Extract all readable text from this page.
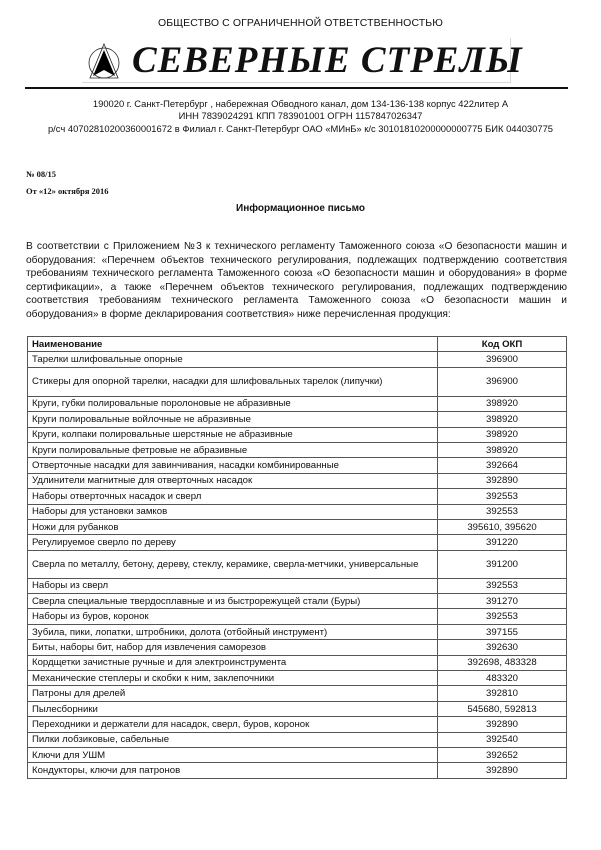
ОБЩЕСТВО С ОГРАНИЧЕННОЙ ОТВЕТСТВЕННОСТЬЮ
СЕВЕРНЫЕ СТРЕЛЫ
190020 г. Санкт-Петербург , набережная Обводного канал, дом 134-136-138 корпус 422литер А
ИНН 7839024291 КПП 783901001 ОГРН 1157847026347
р/сч 40702810200360001672 в Филиал г. Санкт-Петербург ОАО «МИнБ» к/с 30101810200000000775 БИК 044030775
№ 08/15
От «12» октября 2016
Информационное письмо
В соответствии с Приложением №3 к технического регламенту Таможенного союза «О безопасности машин и оборудования: «Перечнем объектов технического регулирования, подлежащих подтверждению соответствия требованиям технического регламента Таможенного союза «О безопасности машин и оборудования» в форме сертификации», а также «Перечнем объектов технического регулирования, подлежащих подтверждению соответствия требованиям технического регламента Таможенного союза «О безопасности машин и оборудования» в форме декларирования соответствия» ниже перечисленная продукция:
Наименование	Код ОКП
Тарелки шлифовальные опорные	396900
Стикеры для опорной тарелки, насадки для шлифовальных тарелок (липучки)	396900
Круги, губки полировальные поролоновые не абразивные	398920
Круги полировальные войлочные не абразивные	398920
Круги, колпаки полировальные шерстяные не абразивные	398920
Круги полировальные фетровые не абразивные	398920
Отверточные насадки для завинчивания, насадки комбинированные	392664
Удлинители магнитные для отверточных насадок	392890
Наборы отверточных насадок и сверл	392553
Наборы для установки замков	392553
Ножи для рубанков	395610, 395620
Регулируемое сверло по дереву	391220
Сверла по металлу, бетону, дереву, стеклу, керамике, сверла-метчики, универсальные	391200
Наборы из сверл	392553
Сверла специальные твердосплавные и из быстрорежущей стали (Буры)	391270
Наборы из буров, коронок	392553
Зубила, пики, лопатки, штробники, долота (отбойный инструмент)	397155
Биты, наборы бит, набор для извлечения саморезов	392630
Кордщетки зачистные ручные и для электроинструмента	392698, 483328
Механические степлеры и скобки к ним, заклепочники	483320
Патроны для дрелей	392810
Пылесборники	545680, 592813
Переходники и держатели для насадок, сверл, буров, коронок	392890
Пилки лобзиковые, сабельные	392540
Ключи для УШМ	392652
Кондукторы, ключи для патронов	392890
